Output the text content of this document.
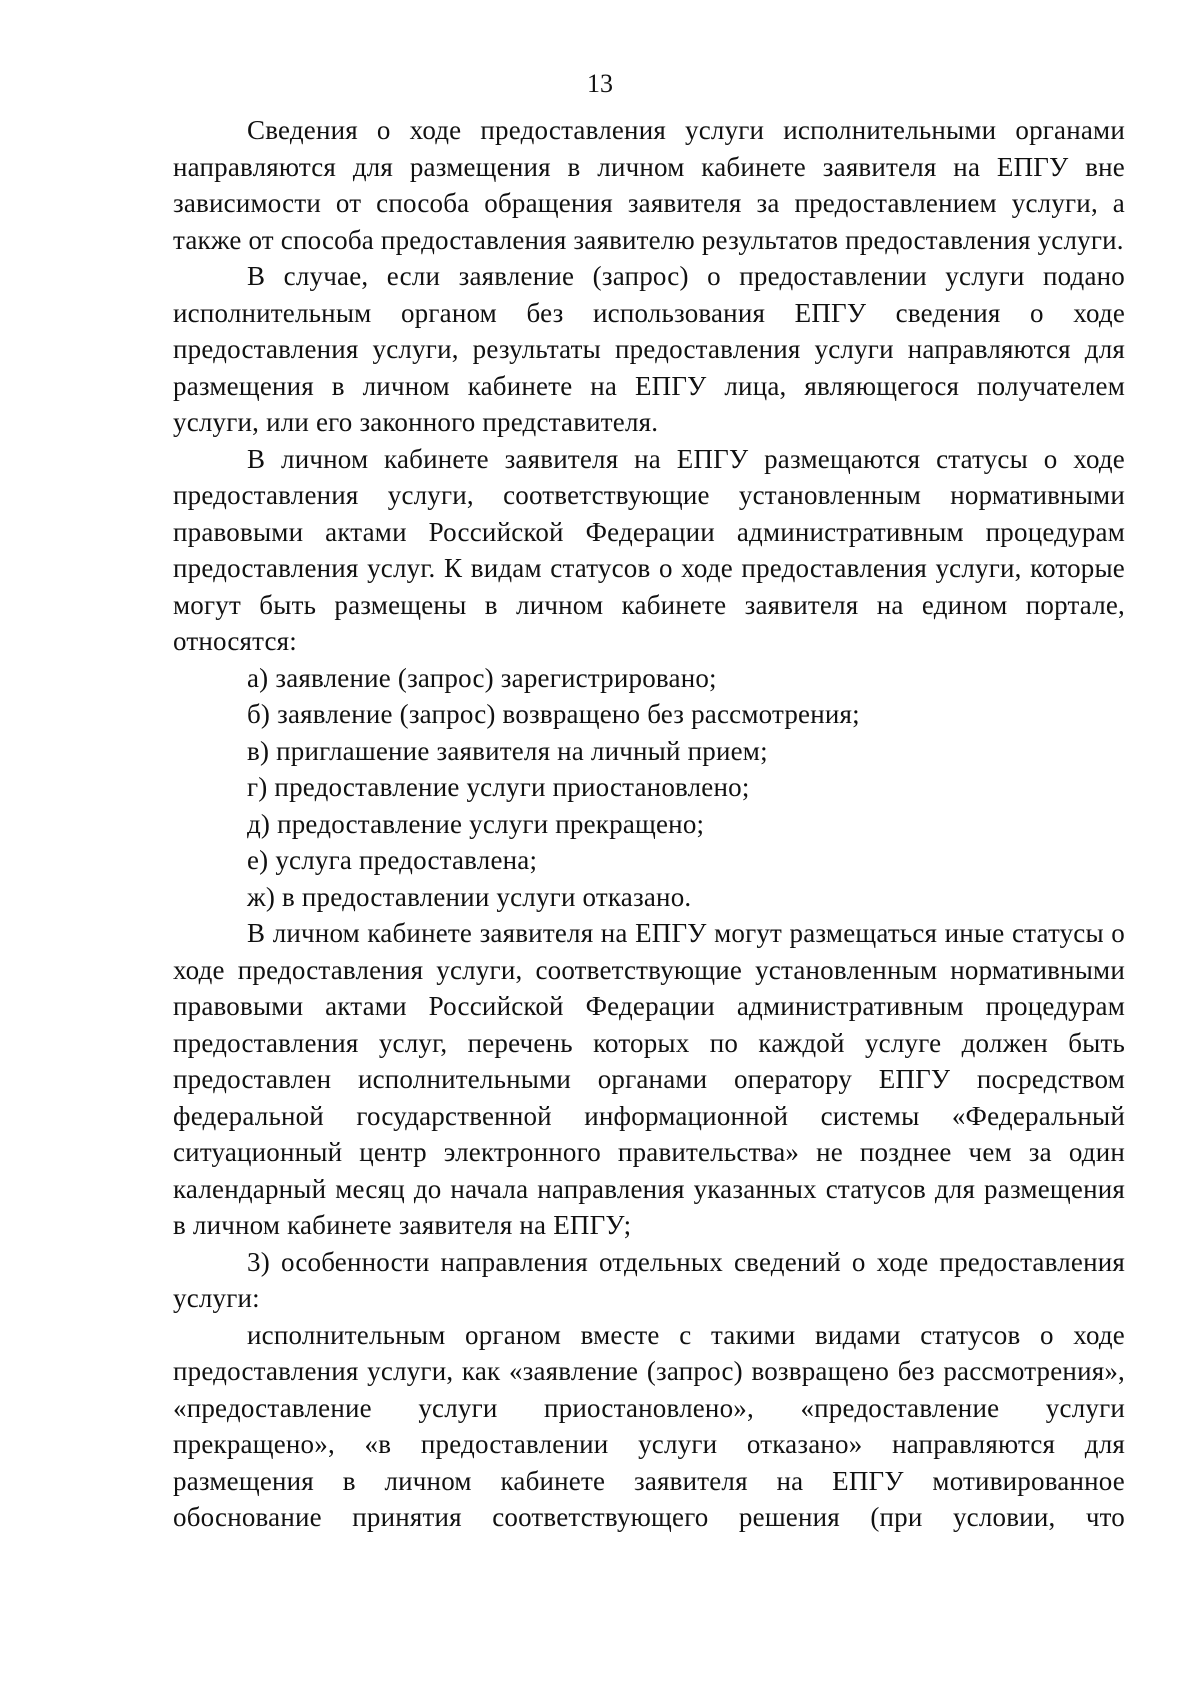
13

Сведения о ходе предоставления услуги исполнительными органами направляются для размещения в личном кабинете заявителя на ЕПГУ вне зависимости от способа обращения заявителя за предоставлением услуги, а также от способа предоставления заявителю результатов предоставления услуги.

В случае, если заявление (запрос) о предоставлении услуги подано исполнительным органом без использования ЕПГУ сведения о ходе предоставления услуги, результаты предоставления услуги направляются для размещения в личном кабинете на ЕПГУ лица, являющегося получателем услуги, или его законного представителя.

В личном кабинете заявителя на ЕПГУ размещаются статусы о ходе предоставления услуги, соответствующие установленным нормативными правовыми актами Российской Федерации административным процедурам предоставления услуг. К видам статусов о ходе предоставления услуги, которые могут быть размещены в личном кабинете заявителя на едином портале, относятся:

а) заявление (запрос) зарегистрировано;

б) заявление (запрос) возвращено без рассмотрения;

в) приглашение заявителя на личный прием;

г) предоставление услуги приостановлено;

д) предоставление услуги прекращено;

е) услуга предоставлена;

ж) в предоставлении услуги отказано.

В личном кабинете заявителя на ЕПГУ могут размещаться иные статусы о ходе предоставления услуги, соответствующие установленным нормативными правовыми актами Российской Федерации административным процедурам предоставления услуг, перечень которых по каждой услуге должен быть предоставлен исполнительными органами оператору ЕПГУ посредством федеральной государственной информационной системы «Федеральный ситуационный центр электронного правительства» не позднее чем за один календарный месяц до начала направления указанных статусов для размещения в личном кабинете заявителя на ЕПГУ;

3) особенности направления отдельных сведений о ходе предоставления услуги:

исполнительным органом вместе с такими видами статусов о ходе предоставления услуги, как «заявление (запрос) возвращено без рассмотрения», «предоставление услуги приостановлено», «предоставление услуги прекращено», «в предоставлении услуги отказано» направляются для размещения в личном кабинете заявителя на ЕПГУ мотивированное обоснование принятия соответствующего решения (при условии, что
